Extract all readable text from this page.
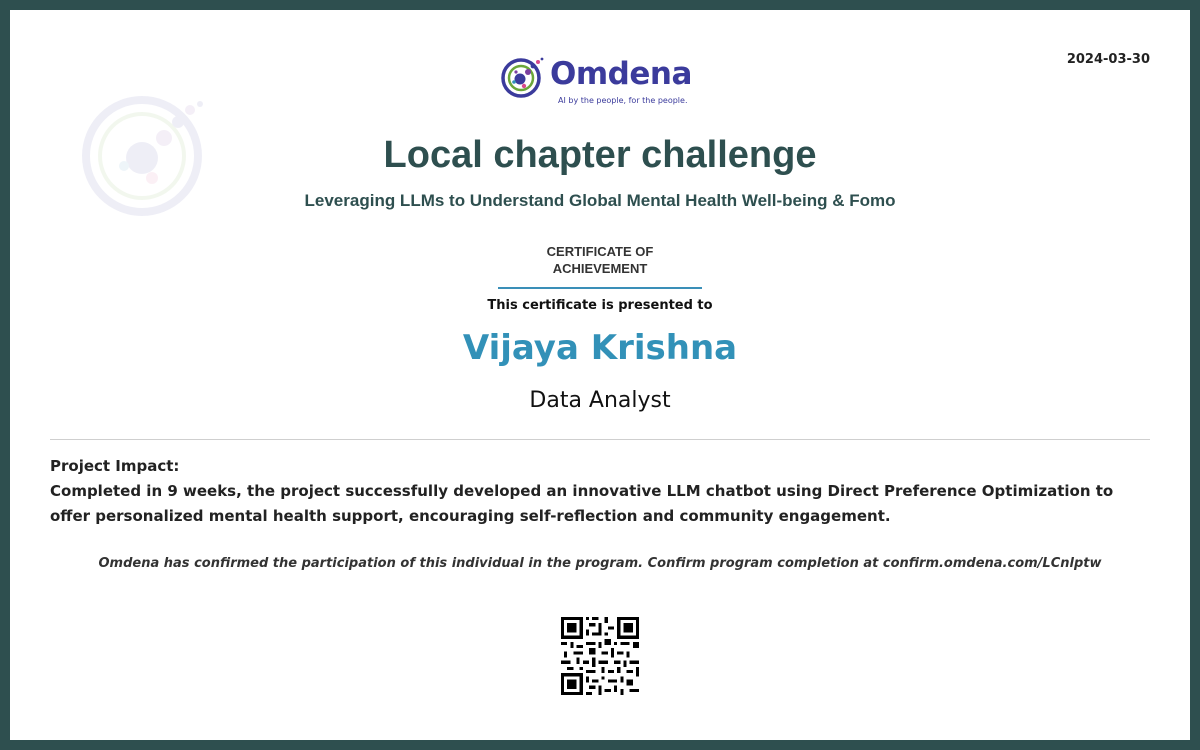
2024-03-30
Omdena
AI by the people, for the people.
Local chapter challenge
Leveraging LLMs to Understand Global Mental Health Well-being & Fomo
CERTIFICATE OF
ACHIEVEMENT
This certificate is presented to
Vijaya Krishna
Data Analyst
Project Impact:
Completed in 9 weeks, the project successfully developed an innovative LLM chatbot using Direct Preference Optimization to offer personalized mental health support, encouraging self-reflection and community engagement.
Omdena has confirmed the participation of this individual in the program. Confirm program completion at confirm.omdena.com/LCnlptw
